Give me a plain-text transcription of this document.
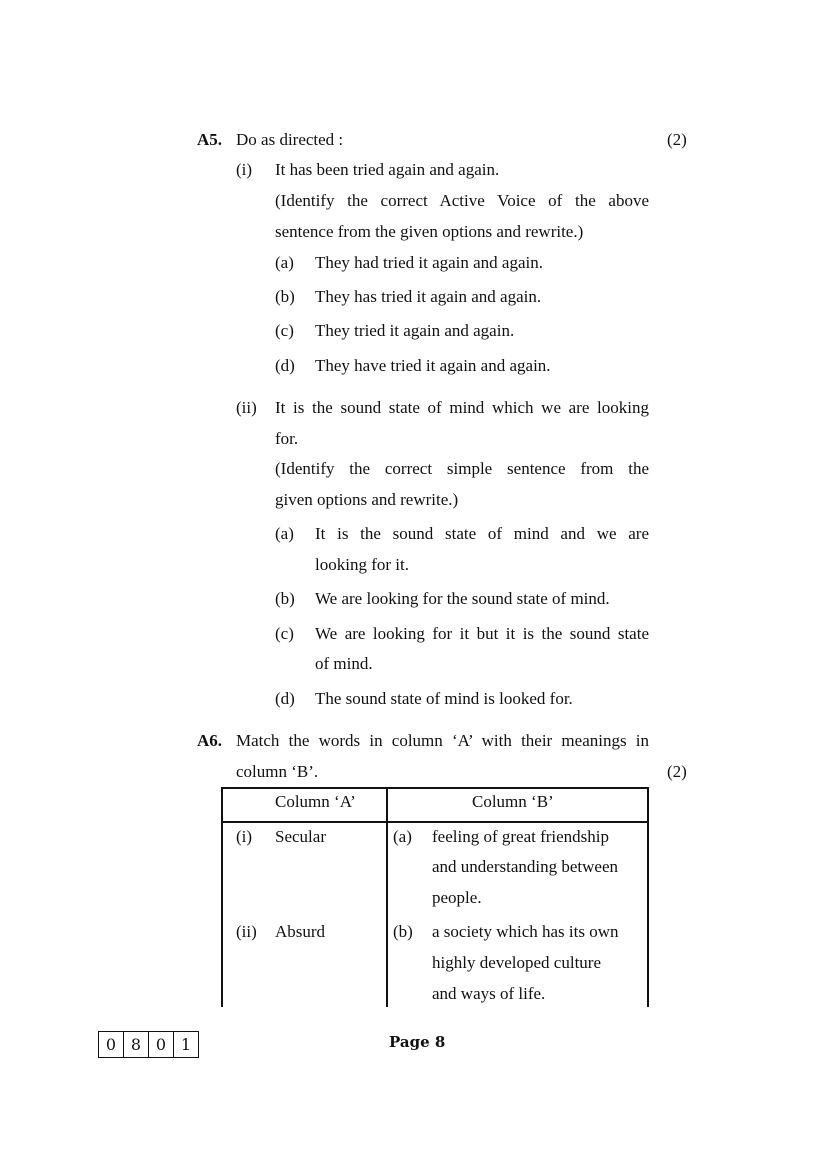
A5. Do as directed :	(2)
(i) It has been tried again and again.
(Identify the correct Active Voice of the above
sentence from the given options and rewrite.)
(a) They had tried it again and again.
(b) They has tried it again and again.
(c) They tried it again and again.
(d) They have tried it again and again.
(ii) It is the sound state of mind which we are looking
for.
(Identify the correct simple sentence from the
given options and rewrite.)
(a) It is the sound state of mind and we are
looking for it.
(b) We are looking for the sound state of mind.
(c) We are looking for it but it is the sound state
of mind.
(d) The sound state of mind is looked for.
A6. Match the words in column ‘A’ with their meanings in
column ‘B’.	(2)
Column ‘A’	Column ‘B’
(i) Secular	(a) feeling of great friendship
and understanding between
people.
(ii) Absurd	(b) a society which has its own
highly developed culture
and ways of life.
0 8 0 1	Page 8
